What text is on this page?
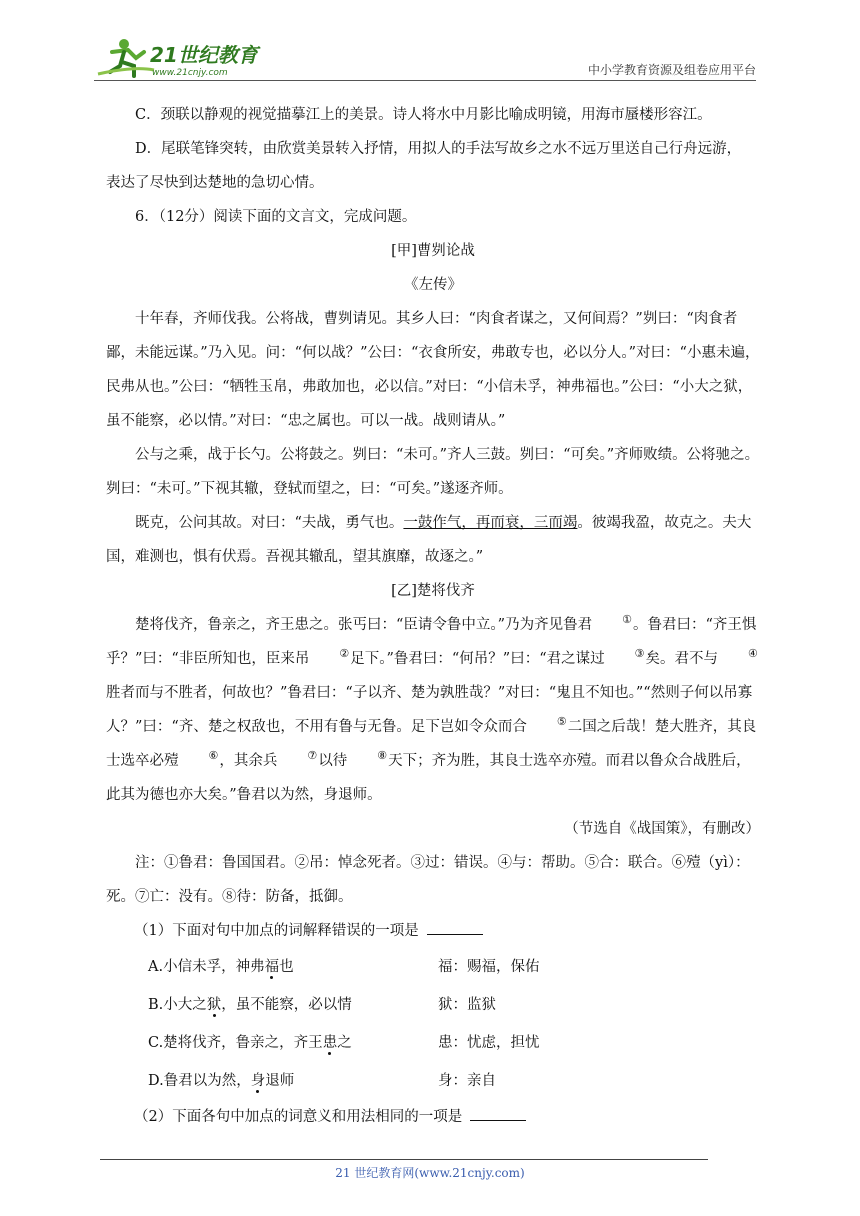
21世纪教育
www.21cnjy.com	中小学教育资源及组卷应用平台

C．颈联以静观的视觉描摹江上的美景。诗人将水中月影比喻成明镜，用海市蜃楼形容江。

D．尾联笔锋突转，由欣赏美景转入抒情，用拟人的手法写故乡之水不远万里送自己行舟远游，

表达了尽快到达楚地的急切心情。

6．（12分）阅读下面的文言文，完成问题。

[甲]曹刿论战

《左传》

十年春，齐师伐我。公将战，曹刿请见。其乡人曰：“肉食者谋之，又何间焉？”刿曰：“肉食者鄙，未能远谋。”乃入见。问：“何以战？”公曰：“衣食所安，弗敢专也，必以分人。”对曰：“小惠未遍，民弗从也。”公曰：“牺牲玉帛，弗敢加也，必以信。”对曰：“小信未孚，神弗福也。”公曰：“小大之狱，虽不能察，必以情。”对曰：“忠之属也。可以一战。战则请从。”

公与之乘，战于长勺。公将鼓之。刿曰：“未可。”齐人三鼓。刿曰：“可矣。”齐师败绩。公将驰之。刿曰：“未可。”下视其辙，登轼而望之，曰：“可矣。”遂逐齐师。

既克，公问其故。对曰：“夫战，勇气也。一鼓作气，再而衰，三而竭。彼竭我盈，故克之。夫大国，难测也，惧有伏焉。吾视其辙乱，望其旗靡，故逐之。”

[乙]楚将伐齐

楚将伐齐，鲁亲之，齐王患之。张丐曰：“臣请令鲁中立。”乃为齐见鲁君	①。鲁君曰：“齐王惧乎？”曰：“非臣所知也，臣来吊	②足下。”鲁君曰：“何吊？”曰：“君之谋过	③矣。君不与	④胜者而与不胜者，何故也？”鲁君曰：“子以齐、楚为孰胜哉？”对曰：“鬼且不知也。”“然则子何以吊寡人？”曰：“齐、楚之权敌也，不用有鲁与无鲁。足下岂如令众而合	⑤二国之后哉！楚大胜齐，其良士选卒必殪	⑥，其余兵	⑦以待	⑧天下；齐为胜，其良士选卒亦殪。而君以鲁众合战胜后，此其为德也亦大矣。”鲁君以为然，身退师。

（节选自《战国策》，有删改）

注：①鲁君：鲁国国君。②吊：悼念死者。③过：错误。④与：帮助。⑤合：联合。⑥殪（yì）：死。⑦亡：没有。⑧待：防备，抵御。

（1）下面对句中加点的词解释错误的一项是

A.小信未孚，神弗福也	福：赐福，保佑
B.小大之狱，虽不能察，必以情	狱：监狱
C.楚将伐齐，鲁亲之，齐王患之	患：忧虑，担忧
D.鲁君以为然，身退师	身：亲自

（2）下面各句中加点的词意义和用法相同的一项是

21 世纪教育网(www.21cnjy.com)
